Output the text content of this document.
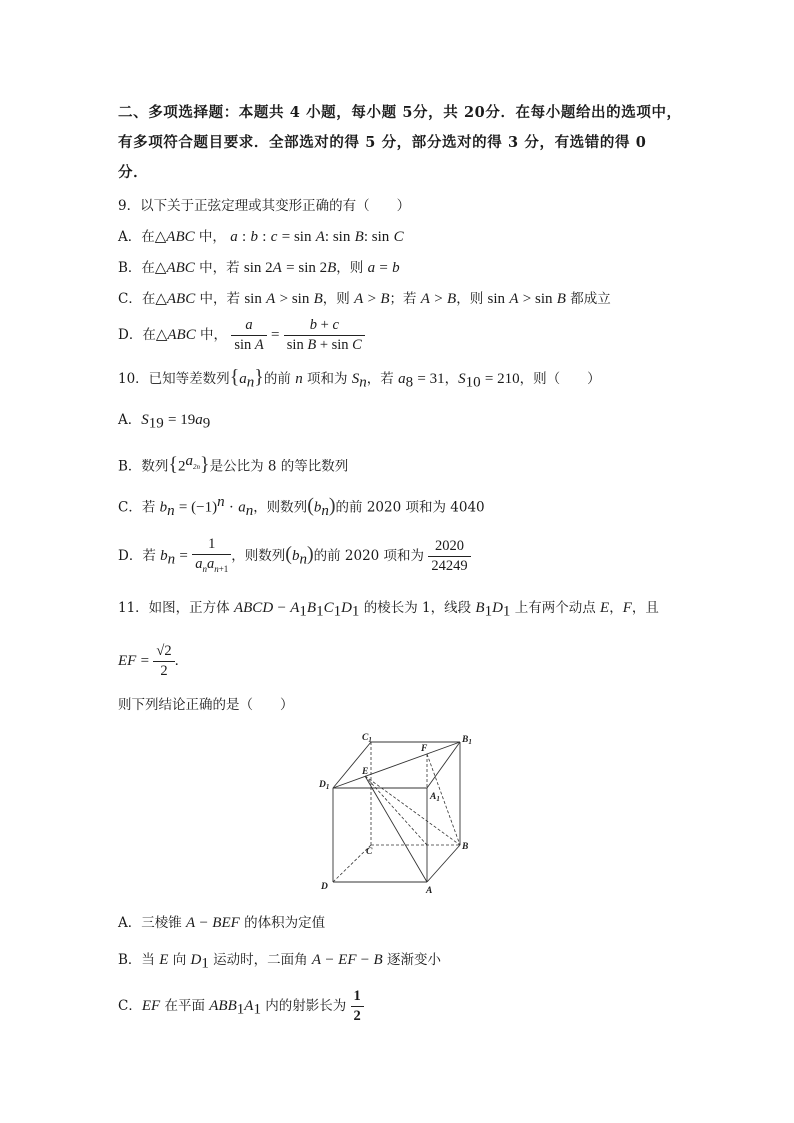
二、多项选择题：本题共 4 小题，每小题 5分，共 20分．在每小题给出的选项中，
有多项符合题目要求．全部选对的得 5 分，部分选对的得 3 分，有选错的得 0
分．
9．以下关于正弦定理或其变形正确的有（　　）
A．在△ABC 中， a : b : c = sin A: sin B: sin C
B．在△ABC 中，若 sin 2A = sin 2B，则 a = b
C．在△ABC 中，若 sin A > sin B，则 A > B；若 A > B，则 sin A > sin B 都成立
D．在△ABC 中， $\frac{a}{\text{sin A}} = \frac{b + c}{\text{sin B + sin C}}$
10．已知等差数列$\{a_n\}$的前 n 项和为 $S_n$，若 $a_8 = 31$，$S_{10} = 210$，则（　　）
A．$S_{19} = 19a_9$
B．数列$\{2^{a_{2n}}\}$是公比为 8 的等比数列
C．若 $b_n = (-1)^n \cdot a_n$，则数列$(b_n)$的前 2020 项和为 4040
D．若 $b_n = \frac{1}{a_na_{n+1}}$ ，则数列$(b_n)$的前 2020 项和为 $\frac{2020}{24249}$
11．如图，正方体 ABCD − $A_1B_1C_1D_1$ 的棱长为 1，线段 $B_1D_1$ 上有两个动点 E，F，且
EF = $\frac{√2}{2}$ ．
则下列结论正确的是（　　）
$C_1$	$B_1$
F
E
$D_1$
$A_1$
C	B
D	A
A．三棱锥 A − BEF 的体积为定值
B．当 E 向 $D_1$ 运动时，二面角 A − EF − B 逐渐变小
C．EF 在平面 $ABB_1A_1$ 内的射影长为 $\frac{1}{2}$
